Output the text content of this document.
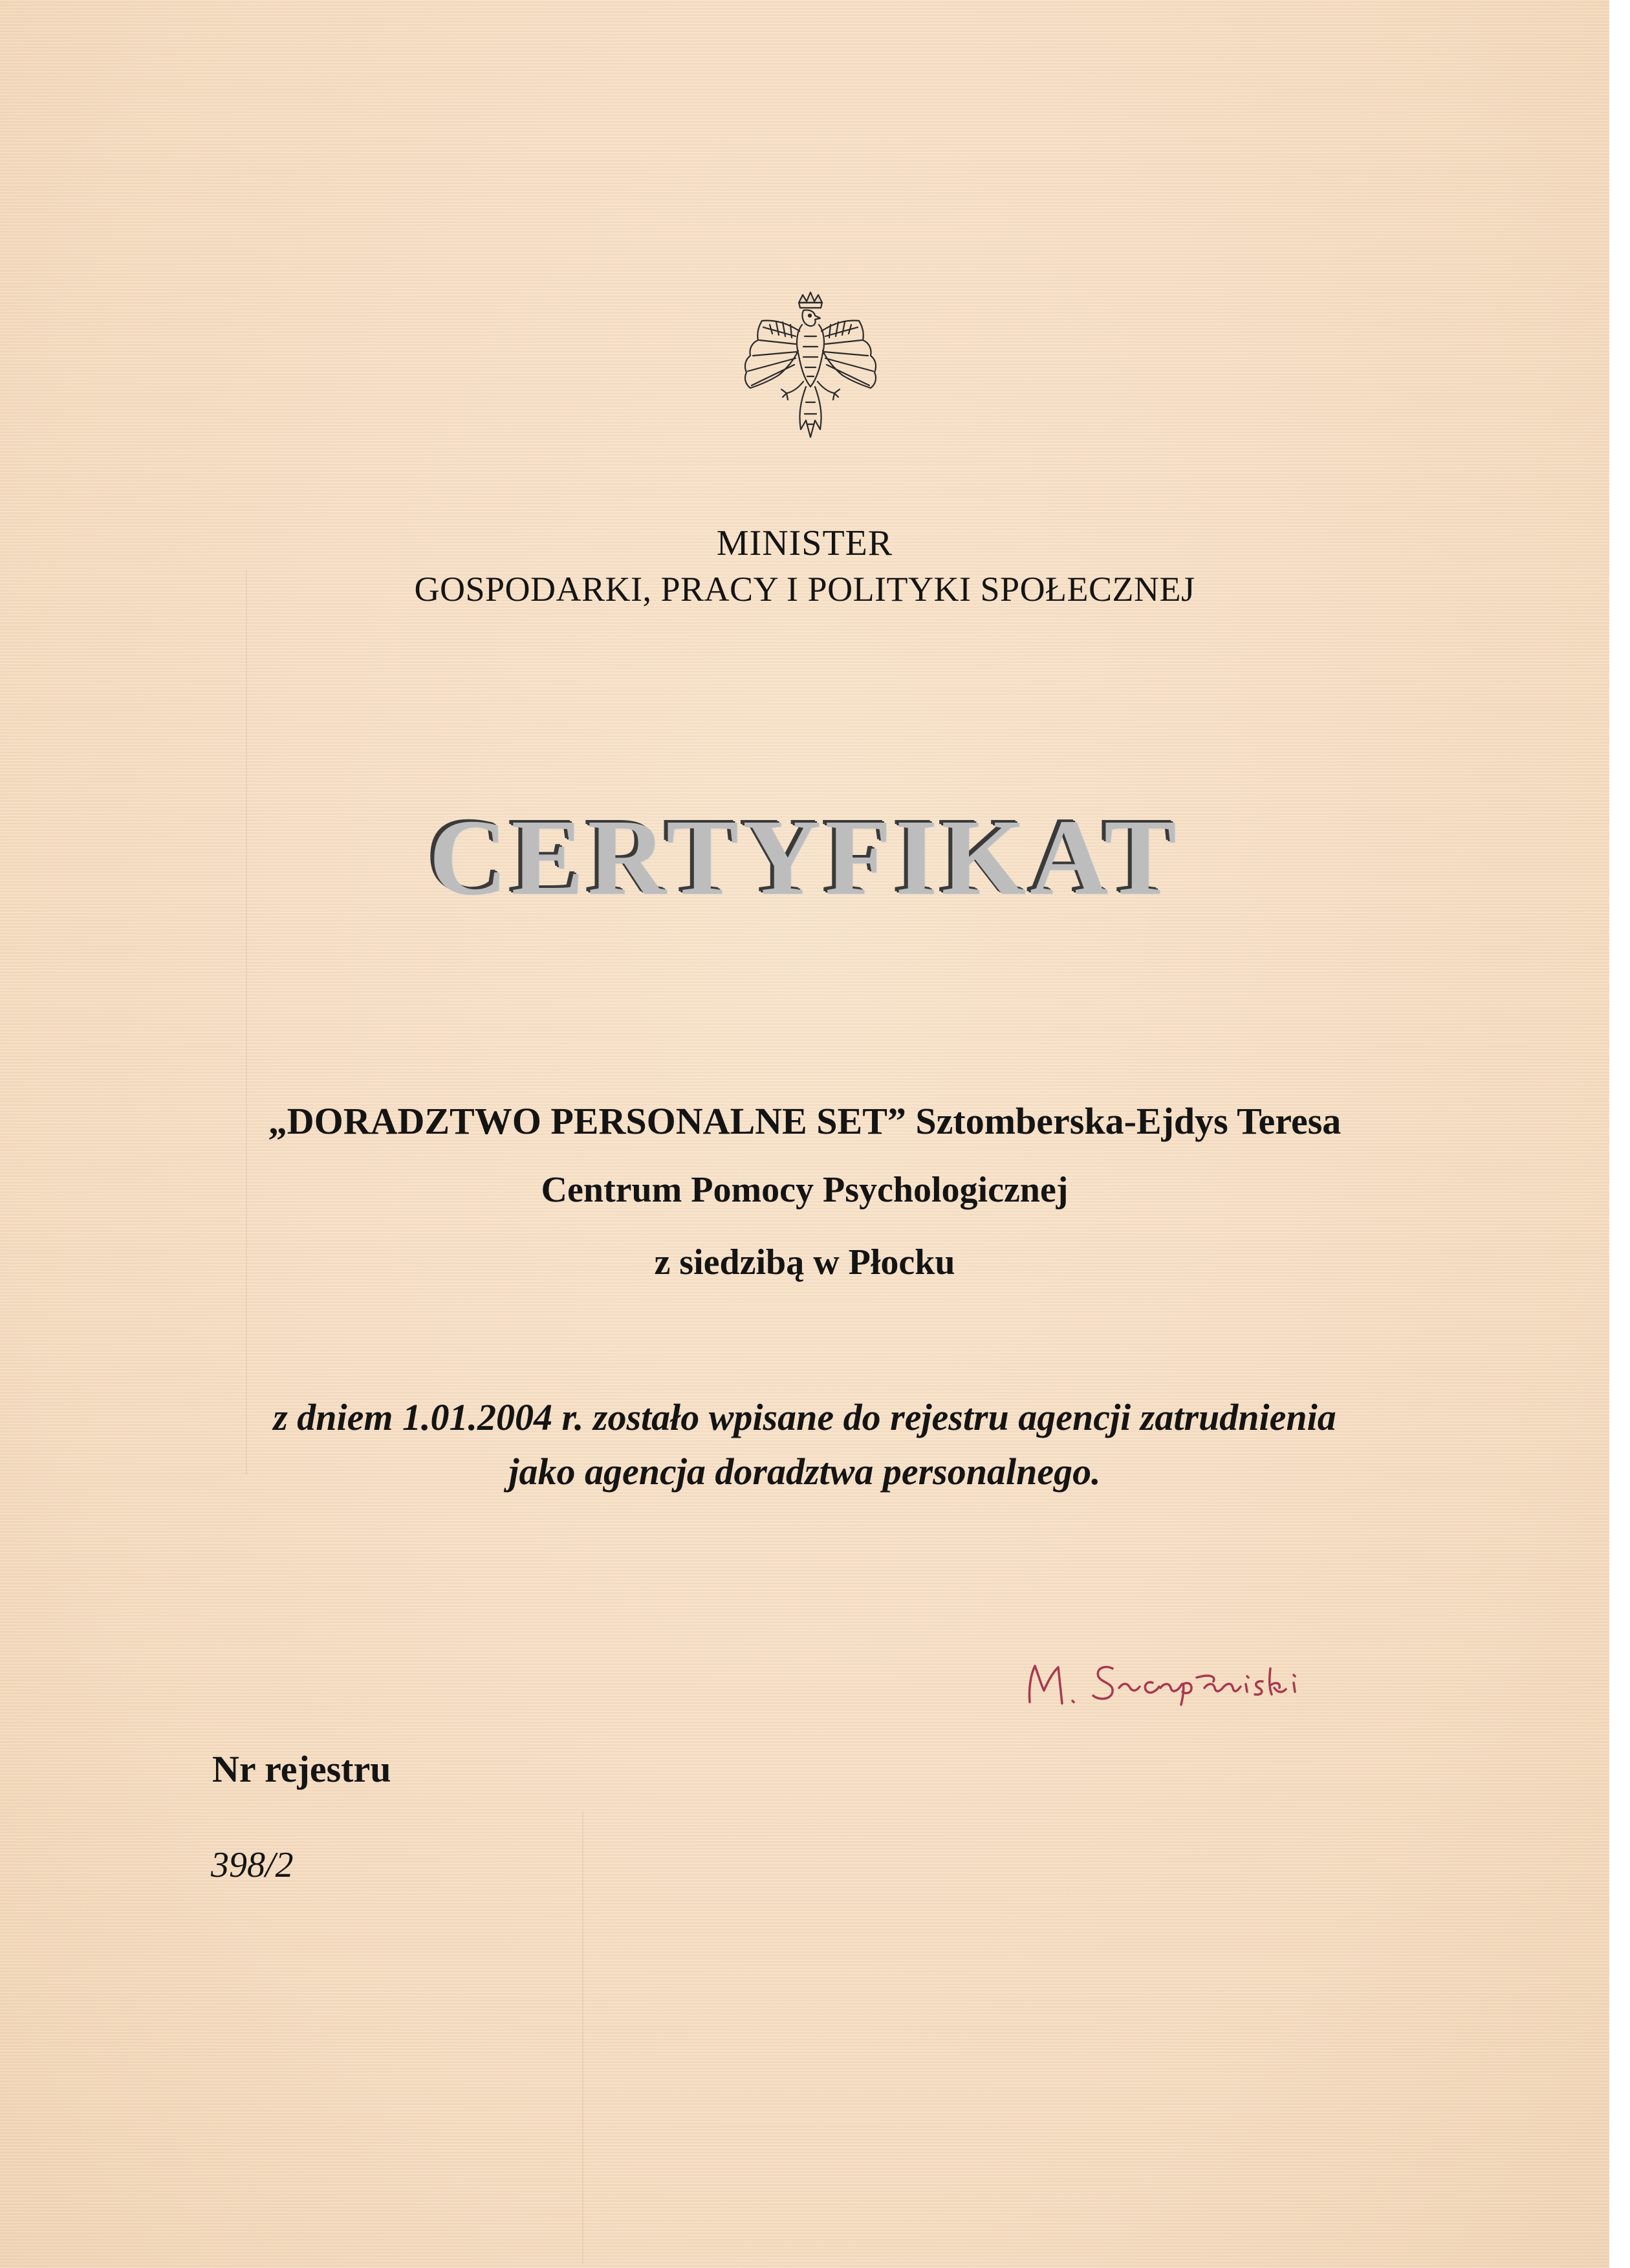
MINISTER
GOSPODARKI, PRACY I POLITYKI SPOŁECZNEJ
CERTYFIKAT
„DORADZTWO PERSONALNE SET” Sztomberska-Ejdys Teresa
Centrum Pomocy Psychologicznej
z siedzibą w Płocku
z dniem 1.01.2004 r. zostało wpisane do rejestru agencji zatrudnienia
jako agencja doradztwa personalnego.
Nr rejestru
398/2
